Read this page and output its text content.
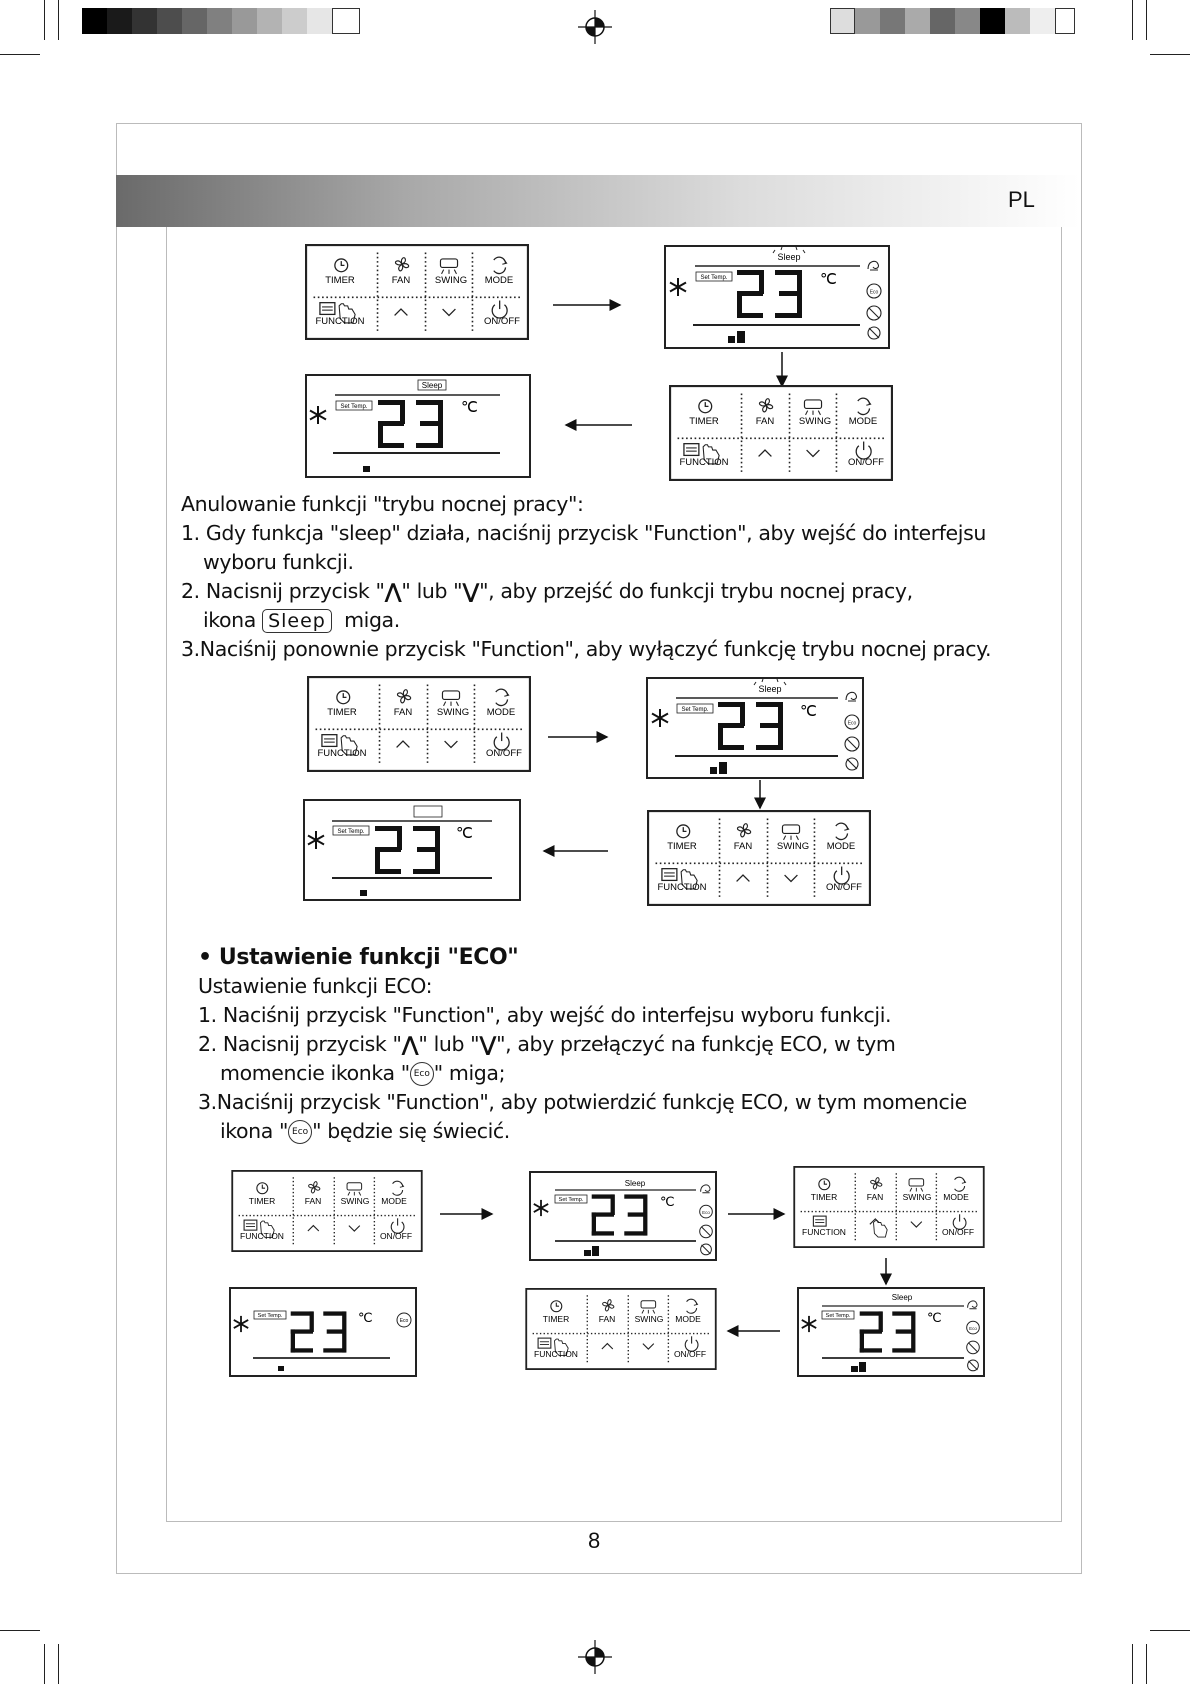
PL
TIMER	FAN	SWING MODE
FUNCTION	ON/OFF
Set Temp.
Sleep
℃
Set Temp.
Sleep
℃
TIMER	FAN	SWING MODE
FUNCTION	ON/OFF
TIMER	FAN	SWING MODE
FUNCTION	ON/OFF
Set Temp.
Sleep
℃
Set Temp.	℃
TIMER	FAN	SWING MODE
FUNCTION	ON/OFF
TIMER	FAN SWING MODE
FUNCTION	ON/OFF
Set Temp.
Sleep
℃	TIMER	FAN SWING MODE
FUNCTION	ON/OFF
Set Temp.	℃	Eco	TIMER	FAN SWING MODE
FUNCTION	ON/OFF
Set Temp.
Sleep
℃
Anulowanie funkcji "trybu nocnej pracy":
1. Gdy funkcja "sleep" działa, naciśnij przycisk "Function", aby wejść do interfejsu
wyboru funkcji.
2. Nacisnij przycisk "⋀" lub "⋁", aby przejść do funkcji trybu nocnej pracy,
ikona Sleep miga.
3.Naciśnij ponownie przycisk "Function", aby wyłączyć funkcję trybu nocnej pracy.
• Ustawienie funkcji "ECO"
Ustawienie funkcji ECO:
1. Naciśnij przycisk "Function", aby wejść do interfejsu wyboru funkcji.
2. Nacisnij przycisk "⋀" lub "⋁", aby przełączyć na funkcję ECO, w tym
momencie ikonka " Eco " miga;
3.Naciśnij przycisk "Function", aby potwierdzić funkcję ECO, w tym momencie
ikona " Eco " będzie się świecić.
8
